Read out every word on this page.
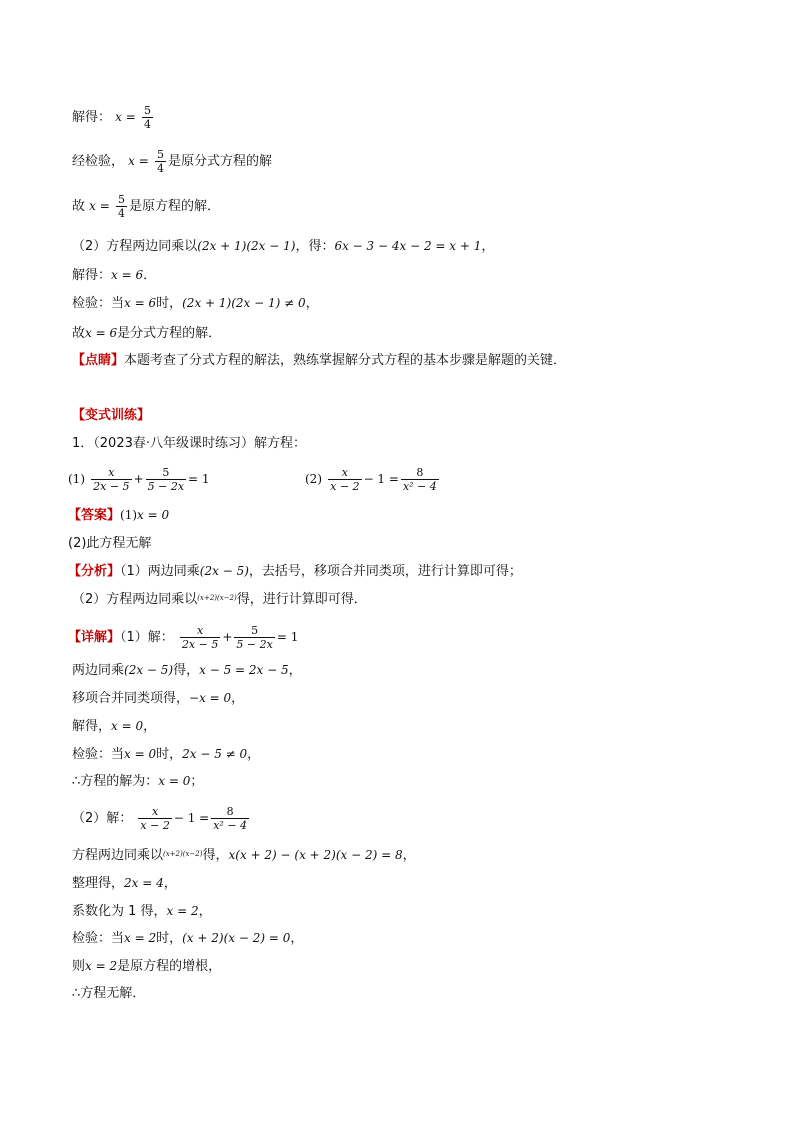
解得： $x = \frac{5}{4}$
经检验， $x = \frac{5}{4}$ 是原分式方程的解
故 $x = \frac{5}{4}$ 是原方程的解．
（2）方程两边同乘以(2x + 1)(2x − 1)，得：6x − 3 − 4x − 2 = x + 1，
解得：x = 6．
检验：当x = 6时，(2x + 1)(2x − 1) ≠ 0，
故x = 6是分式方程的解．
【点睛】本题考查了分式方程的解法，熟练掌握解分式方程的基本步骤是解题的关键．
【变式训练】
1．（2023春·八年级课时练习）解方程：
$(1) \frac{x}{2x - 5} + \frac{5}{5 - 2x} = 1$	$(2) \frac{x}{x - 2} - 1 = \frac{8}{\text{x² − 4}}$
【答案】(1)x = 0
(2)此方程无解
【分析】（1）两边同乘(2x − 5)，去括号，移项合并同类项，进行计算即可得；
（2）方程两边同乘以$^{(x+2)(x-2)}$得，进行计算即可得．
【详解】（1）解： $\frac{x}{2x - 5} + \frac{5}{5 - 2x} = 1$
两边同乘(2x − 5)得，x − 5 = 2x − 5，
移项合并同类项得，−x = 0，
解得，x = 0，
检验：当x = 0时，2x − 5 ≠ 0，
∴方程的解为：x = 0；
（2）解： $\frac{x}{x - 2} - 1 = \frac{8}{\text{x² − 4}}$
方程两边同乘以$^{(x+2)(x-2)}$得，x(x + 2) − (x + 2)(x − 2) = 8，
整理得，2x = 4，
系数化为 1 得，x = 2，
检验：当x = 2时，(x + 2)(x − 2) = 0，
则x = 2是原方程的增根，
∴方程无解．
